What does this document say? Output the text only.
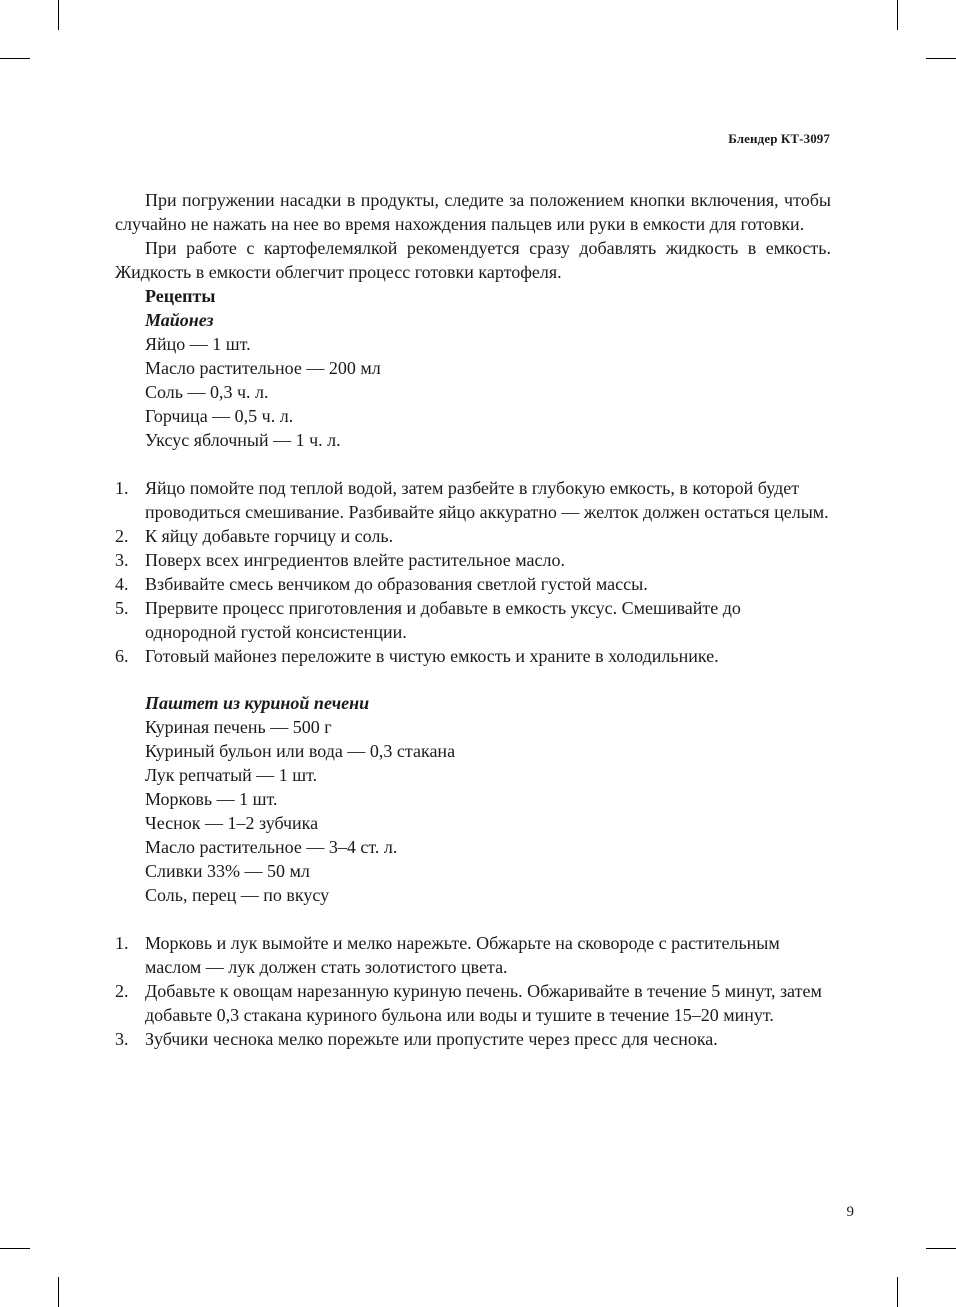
Блендер КТ-3097

При погружении насадки в продукты, следите за положением кнопки включения, чтобы случайно не нажать на нее во время нахождения пальцев или руки в емкости для готовки.

При работе с картофелемялкой рекомендуется сразу добавлять жидкость в емкость. Жидкость в емкости облегчит процесс готовки картофеля.

Рецепты

Майонез

Яйцо — 1 шт.
Масло растительное — 200 мл
Соль — 0,3 ч. л.
Горчица — 0,5 ч. л.
Уксус яблочный — 1 ч. л.
1. Яйцо помойте под теплой водой, затем разбейте в глубокую емкость, в которой будет проводиться смешивание. Разбивайте яйцо аккуратно — желток должен остаться целым.
2. К яйцу добавьте горчицу и соль.
3. Поверх всех ингредиентов влейте растительное масло.
4. Взбивайте смесь венчиком до образования светлой густой массы.
5. Прервите процесс приготовления и добавьте в емкость уксус. Смешивайте до однородной густой консистенции.
6. Готовый майонез переложите в чистую емкость и храните в холодильнике.

Паштет из куриной печени

Куриная печень — 500 г
Куриный бульон или вода — 0,3 стакана
Лук репчатый — 1 шт.
Морковь — 1 шт.
Чеснок — 1–2 зубчика
Масло растительное — 3–4 ст. л.
Сливки 33% — 50 мл
Соль, перец — по вкусу
1. Морковь и лук вымойте и мелко нарежьте. Обжарьте на сковороде с растительным маслом — лук должен стать золотистого цвета.
2. Добавьте к овощам нарезанную куриную печень. Обжаривайте в течение 5 минут, затем добавьте 0,3 стакана куриного бульона или воды и тушите в течение 15–20 минут.
3. Зубчики чеснока мелко порежьте или пропустите через пресс для чеснока.
9
